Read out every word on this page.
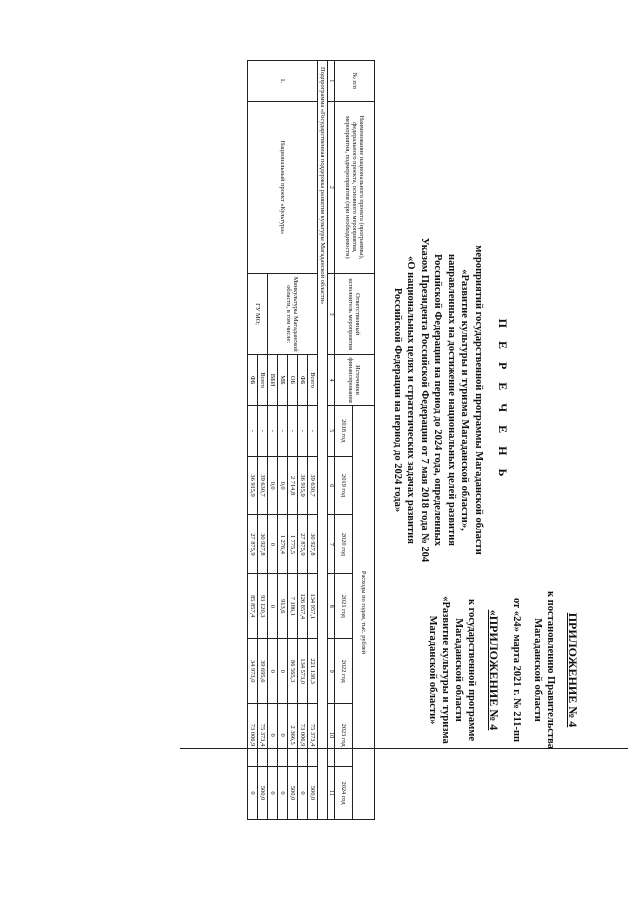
ПРИЛОЖЕНИЕ № 4

к постановлению Правительства
Магаданской области

от «24» марта 2021 г. № 211-пп

«ПРИЛОЖЕНИЕ № 4

к государственной программе
Магаданской области
«Развитие культуры и туризма
Магаданской области»

П Е Р Е Ч Е Н Ь
мероприятий государственной программы Магаданской области
«Развитие культуры и туризма Магаданской области»,
направленных на достижение национальных целей развития
Российской Федерации на период до 2024 года, определенных
Указом Президента Российской Федерации от 7 мая 2018 года № 204
«О национальных целях и стратегических задачах развития
Российской Федерации на период до 2024 года»
№ п/п	Наименование национального проекта (программы), федерального проекта, основного мероприятия, мероприятия, подмероприятия (при необходимости)	Ответственный исполнитель мероприятия	Источники финансирования	Расходы по годам, тыс. рублей						
				2018 год	2019 год	2020 год	2021 год	2022 год	2023 год	2024 год
1	2	3	4	5	6	7	8	9	10	11
Подпрограмма «Государственная поддержка развития культуры Магаданской области»										
1.	Национальный проект «Культура»	Минкультуры Магаданской области, в том числе:	Всего	-	39 630,7	30 927,8	134 957,1	221 138,3	75 373,4	500,0
			ФБ	-	36 915,9	27 875,9	126 857,4	134 573,0	73 006,9	0
			ОБ	-	2 714,8	1 775,5	7 186,1	86 565,3	2 366,5	500,0
			МБ	-	0,0	1 276,4	913,6	0	0	0
			ВБИ	-	0,0	0	0	0	0	0
		ГУ МО;	Всего	-	39 630,7	30 927,8	93 120,3	39 695,6	75 373,4	500,0
			ФБ	-	36 915,9	27 875,9	85 857,4	34 973,0	73 006,9	0
